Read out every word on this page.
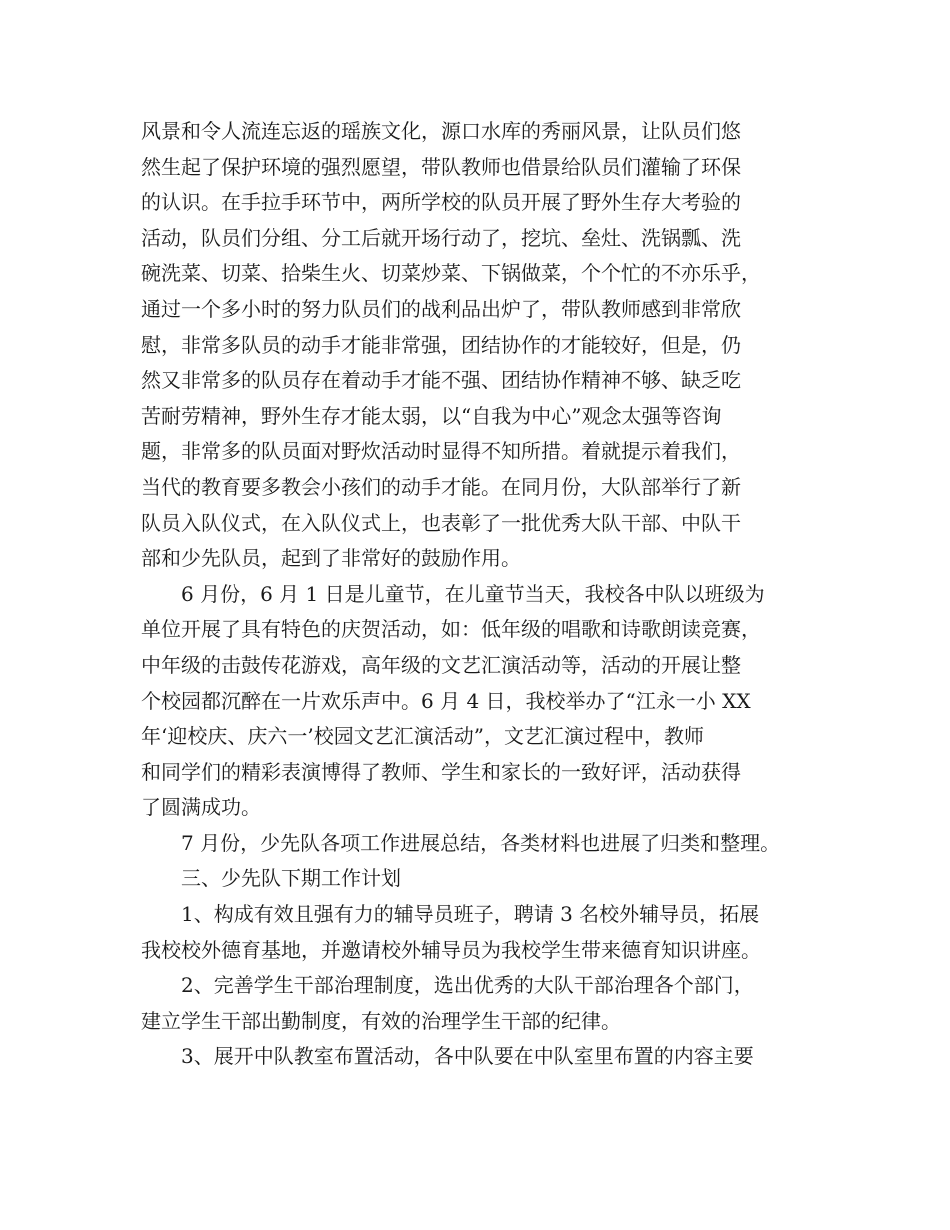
风景和令人流连忘返的瑶族文化，源口水库的秀丽风景，让队员们悠
然生起了保护环境的强烈愿望，带队教师也借景给队员们灌输了环保
的认识。在手拉手环节中，两所学校的队员开展了野外生存大考验的
活动，队员们分组、分工后就开场行动了，挖坑、垒灶、洗锅瓢、洗
碗洗菜、切菜、拾柴生火、切菜炒菜、下锅做菜，个个忙的不亦乐乎，
通过一个多小时的努力队员们的战利品出炉了，带队教师感到非常欣
慰，非常多队员的动手才能非常强，团结协作的才能较好，但是，仍
然又非常多的队员存在着动手才能不强、团结协作精神不够、缺乏吃
苦耐劳精神，野外生存才能太弱，以“自我为中心”观念太强等咨询
题，非常多的队员面对野炊活动时显得不知所措。着就提示着我们，
当代的教育要多教会小孩们的动手才能。在同月份，大队部举行了新
队员入队仪式，在入队仪式上，也表彰了一批优秀大队干部、中队干
部和少先队员，起到了非常好的鼓励作用。
6 月份，6 月 1 日是儿童节，在儿童节当天，我校各中队以班级为
单位开展了具有特色的庆贺活动，如：低年级的唱歌和诗歌朗读竞赛，
中年级的击鼓传花游戏，高年级的文艺汇演活动等，活动的开展让整
个校园都沉醉在一片欢乐声中。6 月 4 日，我校举办了“江永一小 XX
年‘迎校庆、庆六一’校园文艺汇演活动”，文艺汇演过程中，教师
和同学们的精彩表演博得了教师、学生和家长的一致好评，活动获得
了圆满成功。
7 月份，少先队各项工作进展总结，各类材料也进展了归类和整理。
三、少先队下期工作计划
1、构成有效且强有力的辅导员班子，聘请 3 名校外辅导员，拓展
我校校外德育基地，并邀请校外辅导员为我校学生带来德育知识讲座。
2、完善学生干部治理制度，选出优秀的大队干部治理各个部门，
建立学生干部出勤制度，有效的治理学生干部的纪律。
3、展开中队教室布置活动，各中队要在中队室里布置的内容主要
